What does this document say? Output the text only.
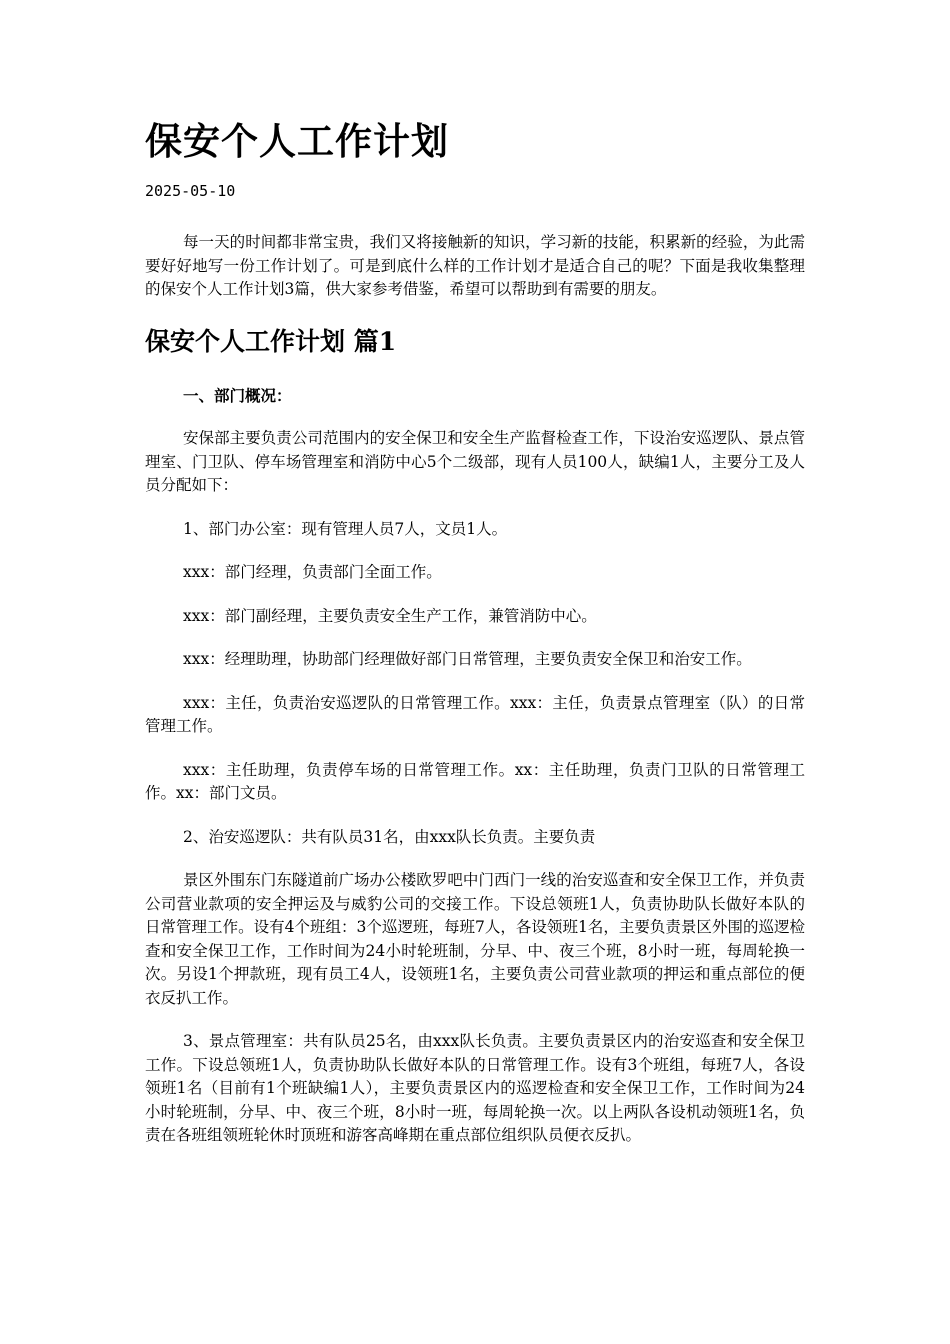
保安个人工作计划
2025-05-10

每一天的时间都非常宝贵，我们又将接触新的知识，学习新的技能，积累新的经验，为此需要好好地写一份工作计划了。可是到底什么样的工作计划才是适合自己的呢？下面是我收集整理的保安个人工作计划3篇，供大家参考借鉴，希望可以帮助到有需要的朋友。

保安个人工作计划 篇1

一、部门概况：

安保部主要负责公司范围内的安全保卫和安全生产监督检查工作，下设治安巡逻队、景点管理室、门卫队、停车场管理室和消防中心5个二级部，现有人员100人，缺编1人，主要分工及人员分配如下：

1、部门办公室：现有管理人员7人，文员1人。

xxx：部门经理，负责部门全面工作。

xxx：部门副经理，主要负责安全生产工作，兼管消防中心。

xxx：经理助理，协助部门经理做好部门日常管理，主要负责安全保卫和治安工作。

xxx：主任，负责治安巡逻队的日常管理工作。xxx：主任，负责景点管理室（队）的日常管理工作。

xxx：主任助理，负责停车场的日常管理工作。xx：主任助理，负责门卫队的日常管理工作。xx：部门文员。

2、治安巡逻队：共有队员31名，由xxx队长负责。主要负责

景区外围东门东隧道前广场办公楼欧罗吧中门西门一线的治安巡查和安全保卫工作，并负责公司营业款项的安全押运及与威豹公司的交接工作。下设总领班1人，负责协助队长做好本队的日常管理工作。设有4个班组：3个巡逻班，每班7人，各设领班1名，主要负责景区外围的巡逻检查和安全保卫工作，工作时间为24小时轮班制，分早、中、夜三个班，8小时一班，每周轮换一次。另设1个押款班，现有员工4人，设领班1名，主要负责公司营业款项的押运和重点部位的便衣反扒工作。

3、景点管理室：共有队员25名，由xxx队长负责。主要负责景区内的治安巡查和安全保卫工作。下设总领班1人，负责协助队长做好本队的日常管理工作。设有3个班组，每班7人，各设领班1名（目前有1个班缺编1人），主要负责景区内的巡逻检查和安全保卫工作，工作时间为24小时轮班制，分早、中、夜三个班，8小时一班，每周轮换一次。以上两队各设机动领班1名，负责在各班组领班轮休时顶班和游客高峰期在重点部位组织队员便衣反扒。
